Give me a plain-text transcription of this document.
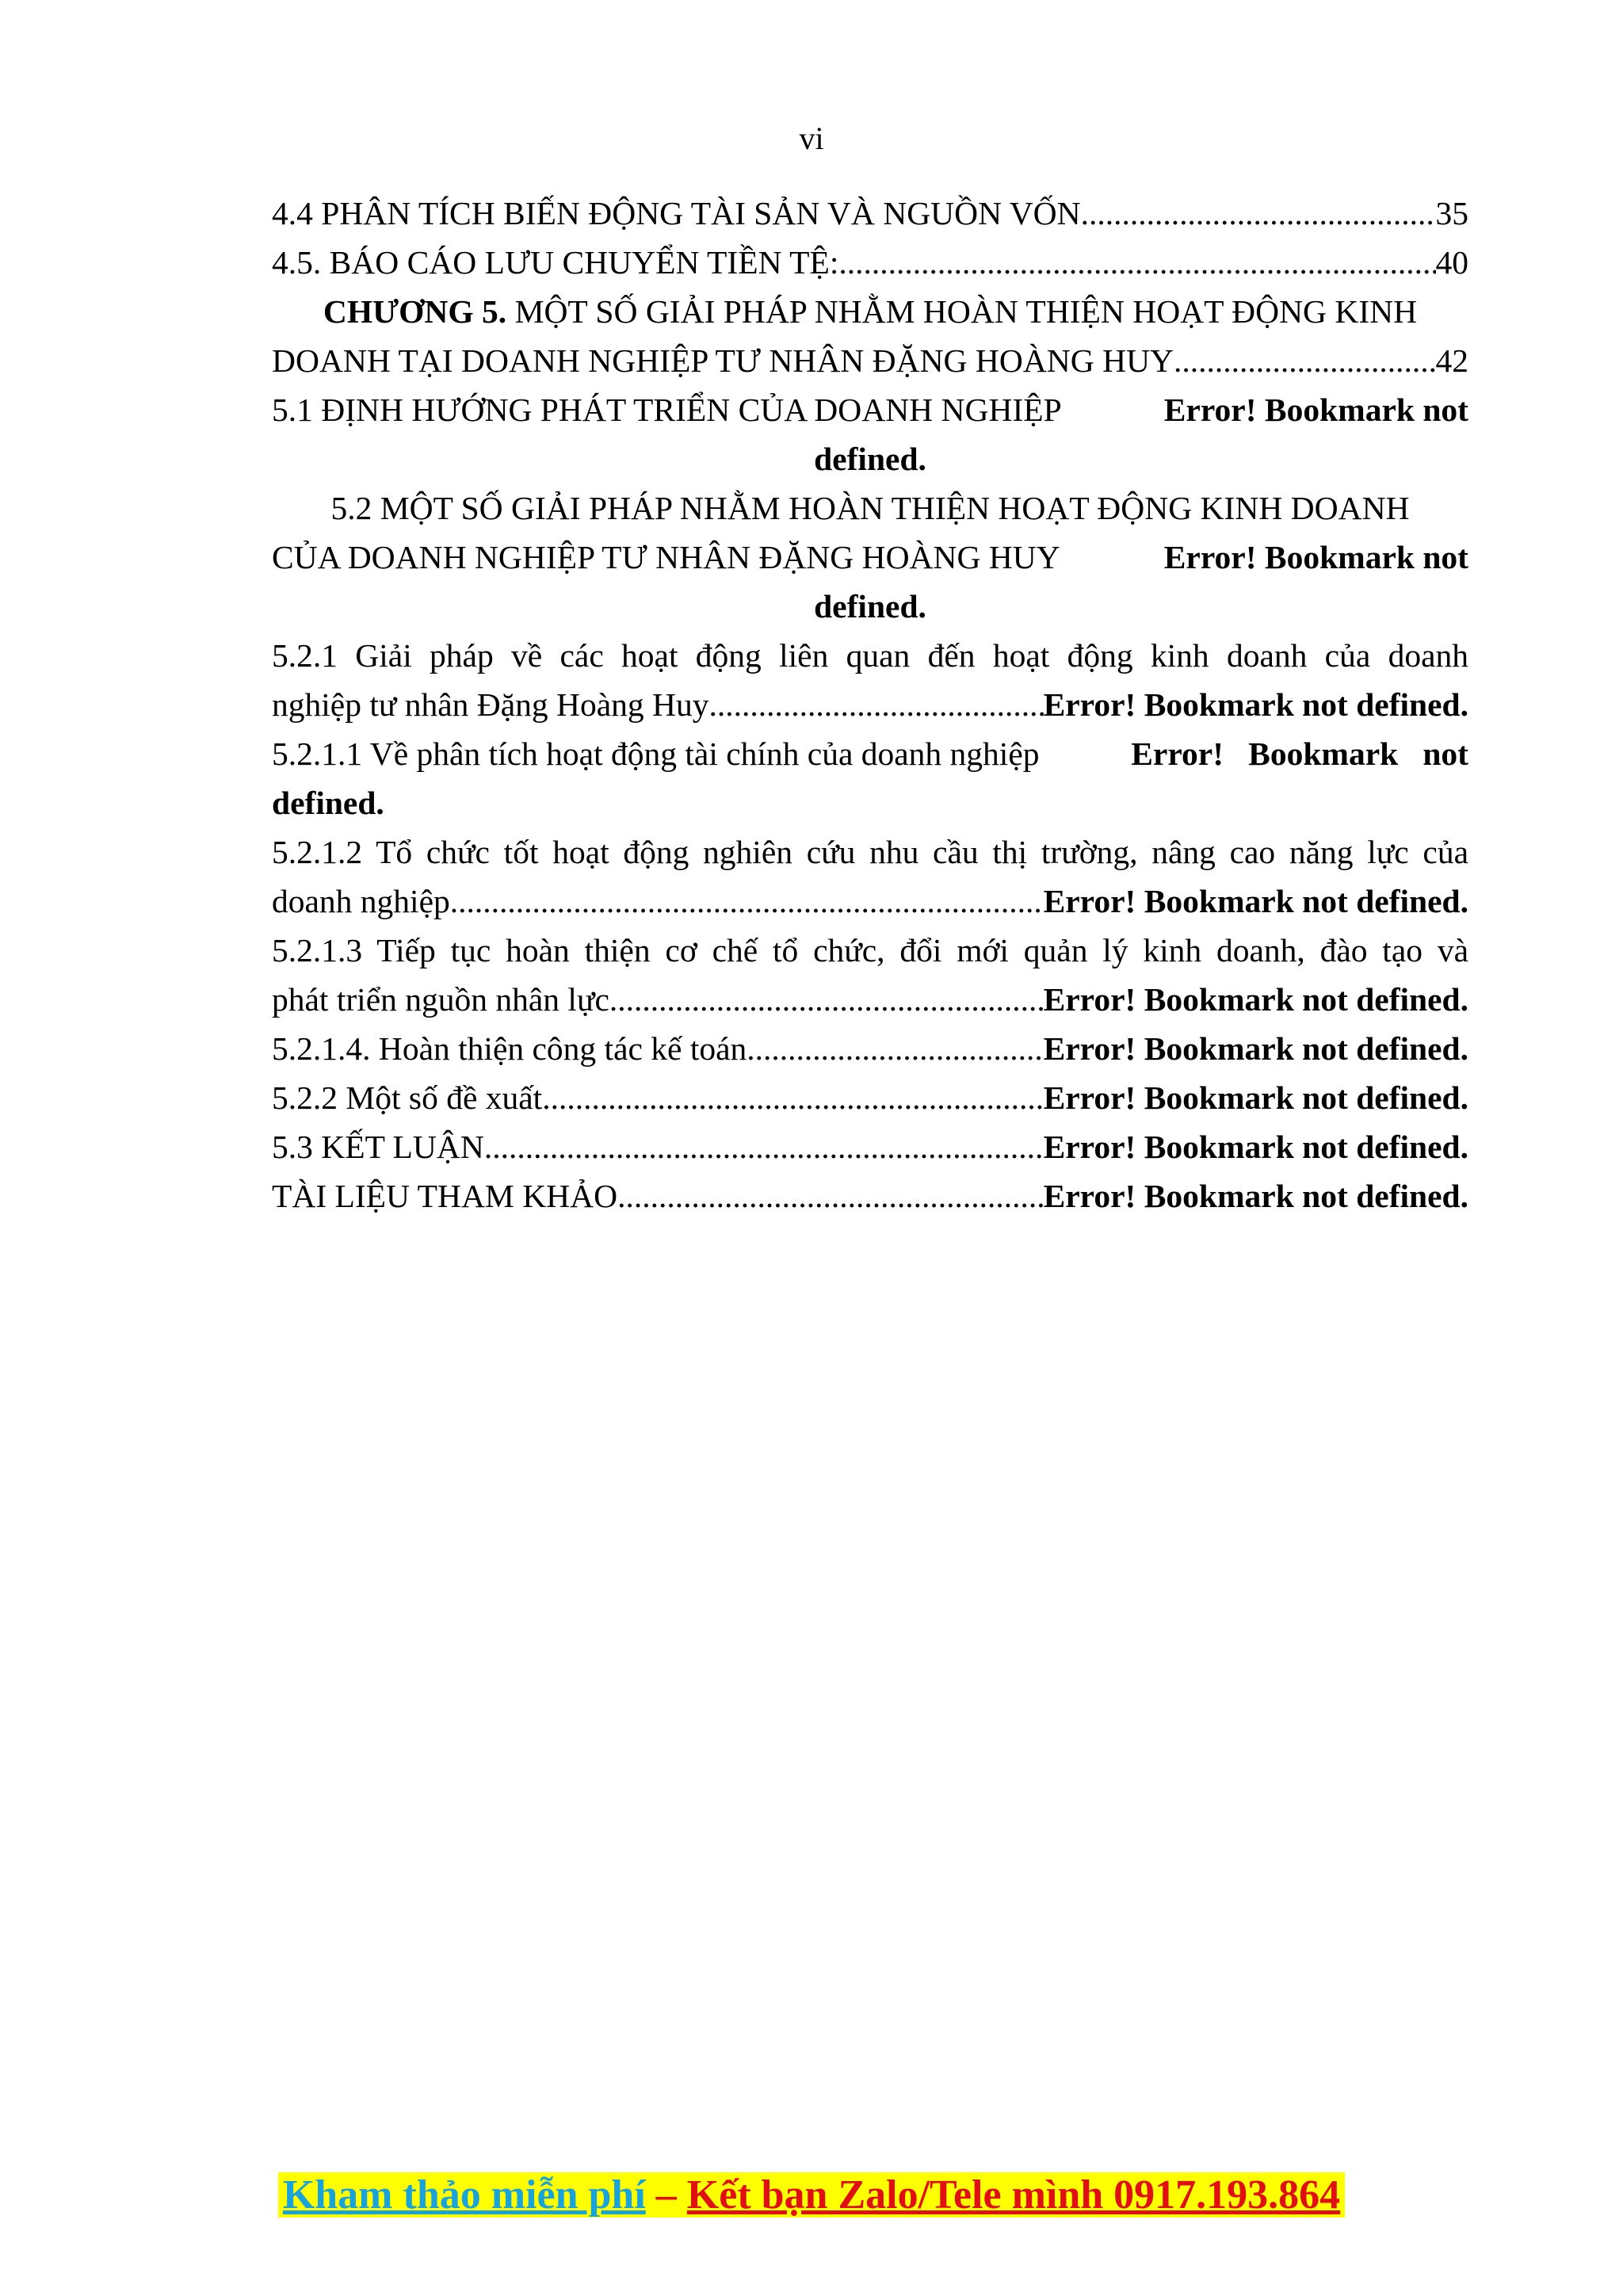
vi
4.4 PHÂN TÍCH BIẾN ĐỘNG TÀI SẢN VÀ NGUỒN VỐN .....	35
4.5. BÁO CÁO LƯU CHUYỂN TIỀN TỆ: .....	40
CHƯƠNG 5. MỘT SỐ GIẢI PHÁP NHẰM HOÀN THIỆN HOẠT ĐỘNG KINH
DOANH TẠI DOANH NGHIỆP TƯ NHÂN ĐẶNG HOÀNG HUY .....	42
5.1 ĐỊNH HƯỚNG PHÁT TRIỂN CỦA DOANH NGHIỆP	Error! Bookmark not
defined.
5.2 MỘT SỐ GIẢI PHÁP NHẰM HOÀN THIỆN HOẠT ĐỘNG KINH DOANH
CỦA DOANH NGHIỆP TƯ NHÂN ĐẶNG HOÀNG HUY	Error! Bookmark not
defined.
5.2.1 Giải pháp về các hoạt động liên quan đến hoạt động kinh doanh của doanh
nghiệp tư nhân Đặng Hoàng Huy .....	Error! Bookmark not defined.
5.2.1.1 Về phân tích hoạt động tài chính của doanh nghiệp	Error!   Bookmark   not
defined.
5.2.1.2 Tổ chức tốt hoạt động nghiên cứu nhu cầu thị trường, nâng cao năng lực của
doanh nghiệp. .....	Error! Bookmark not defined.
5.2.1.3 Tiếp tục hoàn thiện cơ chế tổ chức, đổi mới quản lý kinh doanh, đào tạo và
phát triển nguồn nhân lực. .....	Error! Bookmark not defined.
5.2.1.4. Hoàn thiện công tác kế toán .....	Error! Bookmark not defined.
5.2.2 Một số đề xuất .....	Error! Bookmark not defined.
5.3 KẾT LUẬN .....	Error! Bookmark not defined.
TÀI LIỆU THAM KHẢO .....	Error! Bookmark not defined.
Kham thảo miễn phí – Kết bạn Zalo/Tele mình 0917.193.864
